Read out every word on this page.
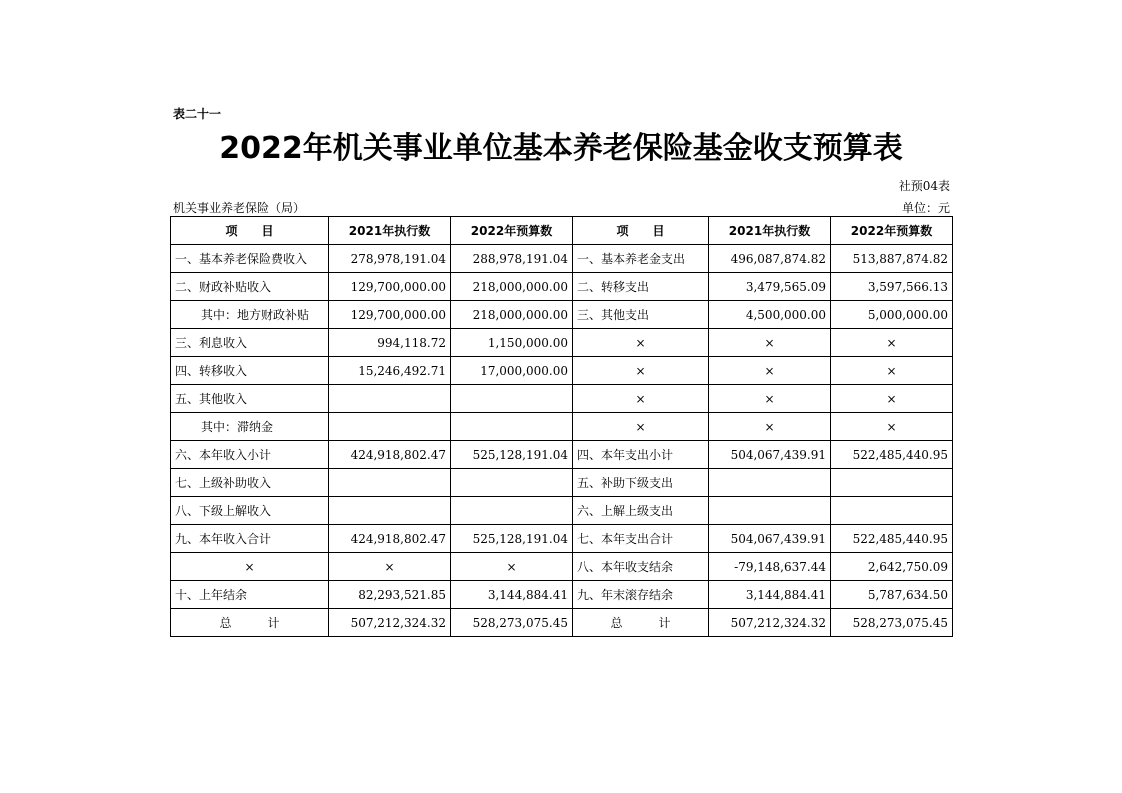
表二十一
2022年机关事业单位基本养老保险基金收支预算表
社预04表
机关事业养老保险（局）	单位：元
项　　目	2021年执行数	2022年预算数	项　　目	2021年执行数	2022年预算数
一、基本养老保险费收入	278,978,191.04	288,978,191.04	一、基本养老金支出	496,087,874.82	513,887,874.82
二、财政补贴收入	129,700,000.00	218,000,000.00	二、转移支出	3,479,565.09	3,597,566.13
其中：地方财政补贴	129,700,000.00	218,000,000.00	三、其他支出	4,500,000.00	5,000,000.00
三、利息收入	994,118.72	1,150,000.00	×	×	×
四、转移收入	15,246,492.71	17,000,000.00	×	×	×
五、其他收入			×	×	×
其中：滞纳金			×	×	×
六、本年收入小计	424,918,802.47	525,128,191.04	四、本年支出小计	504,067,439.91	522,485,440.95
七、上级补助收入			五、补助下级支出		
八、下级上解收入			六、上解上级支出		
九、本年收入合计	424,918,802.47	525,128,191.04	七、本年支出合计	504,067,439.91	522,485,440.95
×	×	×	八、本年收支结余	-79,148,637.44	2,642,750.09
十、上年结余	82,293,521.85	3,144,884.41	九、年末滚存结余	3,144,884.41	5,787,634.50
总　　　计	507,212,324.32	528,273,075.45	总　　　计	507,212,324.32	528,273,075.45
